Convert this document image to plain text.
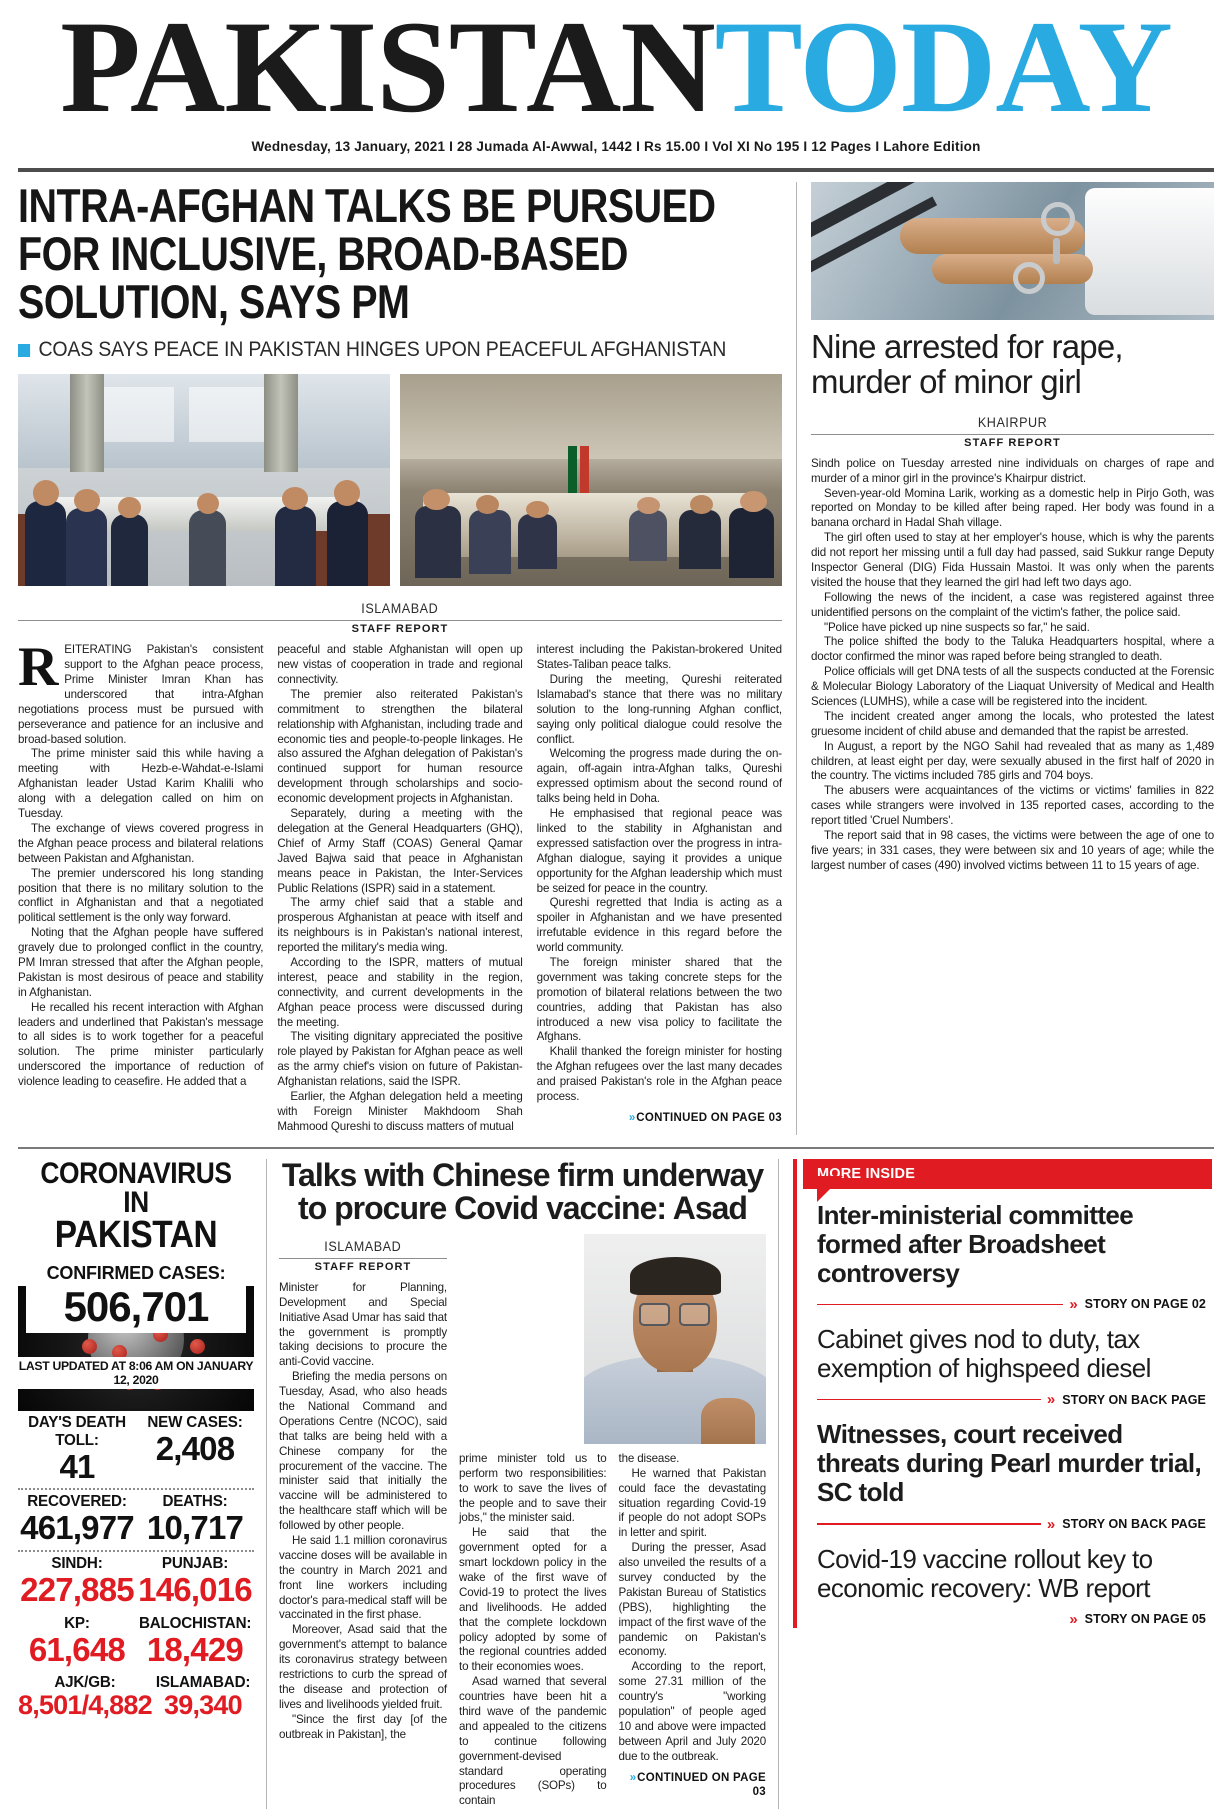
PAKISTANTODAY
Wednesday, 13 January, 2021 I 28 Jumada Al-Awwal, 1442 I Rs 15.00 I Vol XI No 195 I 12 Pages I Lahore Edition
INTRA-AFGHAN TALKS BE PURSUED FOR INCLUSIVE, BROAD-BASED SOLUTION, SAYS PM
COAS SAYS PEACE IN PAKISTAN HINGES UPON PEACEFUL AFGHANISTAN
ISLAMABAD
STAFF REPORT

REITERATING Pakistan's consistent support to the Afghan peace process, Prime Minister Imran Khan has underscored that intra-Afghan negotiations process must be pursued with perseverance and patience for an inclusive and broad-based solution.

The prime minister said this while having a meeting with Hezb-e-Wahdat-e-Islami Afghanistan leader Ustad Karim Khalili who along with a delegation called on him on Tuesday.

The exchange of views covered progress in the Afghan peace process and bilateral relations between Pakistan and Afghanistan.

The premier underscored his long standing position that there is no military solution to the conflict in Afghanistan and that a negotiated political settlement is the only way forward.

Noting that the Afghan people have suffered gravely due to prolonged conflict in the country, PM Imran stressed that after the Afghan people, Pakistan is most desirous of peace and stability in Afghanistan.

He recalled his recent interaction with Afghan leaders and underlined that Pakistan's message to all sides is to work together for a peaceful solution. The prime minister particularly underscored the importance of reduction of violence leading to ceasefire. He added that a

peaceful and stable Afghanistan will open up new vistas of cooperation in trade and regional connectivity.

The premier also reiterated Pakistan's commitment to strengthen the bilateral relationship with Afghanistan, including trade and economic ties and people-to-people linkages. He also assured the Afghan delegation of Pakistan's continued support for human resource development through scholarships and socio-economic development projects in Afghanistan.

Separately, during a meeting with the delegation at the General Headquarters (GHQ), Chief of Army Staff (COAS) General Qamar Javed Bajwa said that peace in Afghanistan means peace in Pakistan, the Inter-Services Public Relations (ISPR) said in a statement.

The army chief said that a stable and prosperous Afghanistan at peace with itself and its neighbours is in Pakistan's national interest, reported the military's media wing.

According to the ISPR, matters of mutual interest, peace and stability in the region, connectivity, and current developments in the Afghan peace process were discussed during the meeting.

The visiting dignitary appreciated the positive role played by Pakistan for Afghan peace as well as the army chief's vision on future of Pakistan-Afghanistan relations, said the ISPR.

Earlier, the Afghan delegation held a meeting with Foreign Minister Makhdoom Shah Mahmood Qureshi to discuss matters of mutual

interest including the Pakistan-brokered United States-Taliban peace talks.

During the meeting, Qureshi reiterated Islamabad's stance that there was no military solution to the long-running Afghan conflict, saying only political dialogue could resolve the conflict.

Welcoming the progress made during the on-again, off-again intra-Afghan talks, Qureshi expressed optimism about the second round of talks being held in Doha.

He emphasised that regional peace was linked to the stability in Afghanistan and expressed satisfaction over the progress in intra-Afghan dialogue, saying it provides a unique opportunity for the Afghan leadership which must be seized for peace in the country.

Qureshi regretted that India is acting as a spoiler in Afghanistan and we have presented irrefutable evidence in this regard before the world community.

The foreign minister shared that the government was taking concrete steps for the promotion of bilateral relations between the two countries, adding that Pakistan has also introduced a new visa policy to facilitate the Afghans.

Khalil thanked the foreign minister for hosting the Afghan refugees over the last many decades and praised Pakistan's role in the Afghan peace process.

» CONTINUED ON PAGE 03
Nine arrested for rape, murder of minor girl
KHAIRPUR
STAFF REPORT

Sindh police on Tuesday arrested nine individuals on charges of rape and murder of a minor girl in the province's Khairpur district.

Seven-year-old Momina Larik, working as a domestic help in Pirjo Goth, was reported on Monday to be killed after being raped. Her body was found in a banana orchard in Hadal Shah village.

The girl often used to stay at her employer's house, which is why the parents did not report her missing until a full day had passed, said Sukkur range Deputy Inspector General (DIG) Fida Hussain Mastoi. It was only when the parents visited the house that they learned the girl had left two days ago.

Following the news of the incident, a case was registered against three unidentified persons on the complaint of the victim's father, the police said.

"Police have picked up nine suspects so far," he said.

The police shifted the body to the Taluka Headquarters hospital, where a doctor confirmed the minor was raped before being strangled to death.

Police officials will get DNA tests of all the suspects conducted at the Forensic & Molecular Biology Laboratory of the Liaquat University of Medical and Health Sciences (LUMHS), while a case will be registered into the incident.

The incident created anger among the locals, who protested the latest gruesome incident of child abuse and demanded that the rapist be arrested.

In August, a report by the NGO Sahil had revealed that as many as 1,489 children, at least eight per day, were sexually abused in the first half of 2020 in the country. The victims included 785 girls and 704 boys.

The abusers were acquaintances of the victims or victims' families in 822 cases while strangers were involved in 135 reported cases, according to the report titled 'Cruel Numbers'.

The report said that in 98 cases, the victims were between the age of one to five years; in 331 cases, they were between six and 10 years of age; while the largest number of cases (490) involved victims between 11 to 15 years of age.

CORONAVIRUS IN
PAKISTAN
CONFIRMED CASES:
506,701
LAST UPDATED AT 8:06 AM ON JANUARY 12, 2020
DAY'S DEATH TOLL:
41
NEW CASES:
2,408
RECOVERED:
461,977
DEATHS:
10,717
SINDH:
227,885
PUNJAB:
146,016
KP:
61,648
BALOCHISTAN:
18,429
AJK/GB:
8,501/4,882
ISLAMABAD:
39,340
Talks with Chinese firm underway to procure Covid vaccine: Asad
ISLAMABAD
STAFF REPORT

Minister for Planning, Development and Special Initiative Asad Umar has said that the government is promptly taking decisions to procure the anti-Covid vaccine.

Briefing the media persons on Tuesday, Asad, who also heads the National Command and Operations Centre (NCOC), said that talks are being held with a Chinese company for the procurement of the vaccine. The minister said that initially the vaccine will be administered to the healthcare staff which will be followed by other people.

He said 1.1 million coronavirus vaccine doses will be available in the country in March 2021 and front line workers including doctor's para-medical staff will be vaccinated in the first phase.

Moreover, Asad said that the government's attempt to balance its coronavirus strategy between restrictions to curb the spread of the disease and protection of lives and livelihoods yielded fruit.

"Since the first day [of the outbreak in Pakistan], the

prime minister told us to perform two responsibilities: to work to save the lives of the people and to save their jobs," the minister said.

He said that the government opted for a smart lockdown policy in the wake of the first wave of Covid-19 to protect the lives and livelihoods. He added that the complete lockdown policy adopted by some of the regional countries added to their economies woes.

Asad warned that several countries have been hit a third wave of the pandemic and appealed to the citizens to continue following government-devised standard operating procedures (SOPs) to contain

the disease.

He warned that Pakistan could face the devastating situation regarding Covid-19 if people do not adopt SOPs in letter and spirit.

During the presser, Asad also unveiled the results of a survey conducted by the Pakistan Bureau of Statistics (PBS), highlighting the impact of the first wave of the pandemic on Pakistan's economy.

According to the report, some 27.31 million of the country's "working population" of people aged 10 and above were impacted between April and July 2020 due to the outbreak.

» CONTINUED ON PAGE 03
MORE INSIDE
Inter-ministerial committee formed after Broadsheet controversy
» STORY ON PAGE 02
Cabinet gives nod to duty, tax exemption of highspeed diesel
» STORY ON BACK PAGE
Witnesses, court received threats during Pearl murder trial, SC told
» STORY ON BACK PAGE
Covid-19 vaccine rollout key to economic recovery: WB report
» STORY ON PAGE 05
